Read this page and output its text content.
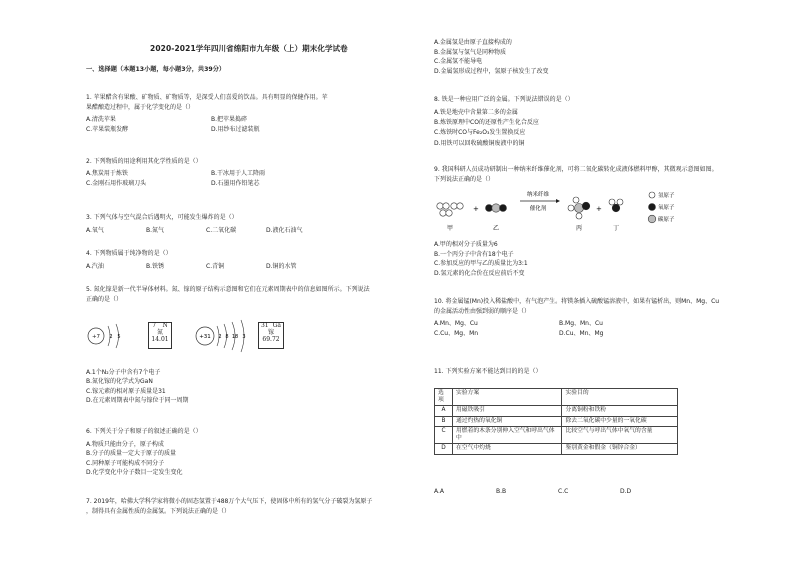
2020-2021学年四川省绵阳市九年级（上）期末化学试卷
一、选择题（本题13小题，每小题3分，共39分）
1. 苹果醋含有果酸、矿物质、矿物质等，是深受人们喜爱的饮品。具有明显的保健作用。苹
果醋酿造过程中，属于化学变化的是（）
A.清洗苹果	B.把苹果捣碎
C.苹果装瓶发酵	D.用纱布过滤装瓶
2. 下列物质的用途利用其化学性质的是（）
A.焦炭用于炼铁	B.干冰用于人工降雨
C.金刚石用作玻璃刀头	D.石墨用作铅笔芯
3. 下列气体与空气混合后遇明火，可能发生爆炸的是（）
A.氧气	B.氮气	C.二氧化碳	D.液化石油气
4. 下列物质属于纯净物的是（）
A.汽油	B.铁锈	C.青铜	D.铜的水管
5. 氮化镓是新一代半导体材料。氮、镓的原子结构示意图和它们在元素周期表中的信息如图所示。下列说法
正确的是（）
+7 2 5	+31 2 8 18 3
7 N
氮
14.01
31 Ga
镓
69.72
A.1个N₂分子中含有7个电子
B.氮化镓的化学式为GaN
C.镓元素的相对原子质量是31
D.在元素周期表中氮与镓位于同一周期
6. 下列关于分子和原子的叙述正确的是（）
A.物质只能由分子，原子构成
B.分子的质量一定大于原子的质量
C.同种原子可能构成不同分子
D.化学变化中分子数目一定发生变化
7. 2019年，哈佛大学科学家将微小的固态氢置于488万个大气压下，使固体中所有的氢气分子破裂为氢原子
，制得具有金属性质的金属氢。下列说法正确的是（）
A.金属氢是由原子直接构成的
B.金属氢与氢气是同种物质
C.金属氢不能导电
D.金属氢形成过程中，氢原子核发生了改变
8. 铁是一种应用广泛的金属。下列说法错误的是（）
A.铁是地壳中含量第二多的金属
B.炼铁原理中CO的还原性产生化合反应
C.炼铁时CO与Fe₂O₃发生置换反应
D.用铁可以回收硫酸铜废液中的铜
9. 我国科研人员成功研制出一种纳米纤维催化剂，可将二氧化碳转化成液体燃料甲醇，其微观示意图如图。
下列说法正确的是（）
+
纳米纤维
催化剂	+
甲	乙	丙	丁
氢原子
氧原子
碳原子
A.甲的相对分子质量为6
B.一个丙分子中含有18个电子
C.参加反应的甲与乙的质量比为3:1
D.氢元素的化合价在反应前后不变
10. 将金属锰(Mn)投入稀盐酸中，有气泡产生。将镁条插入硫酸锰溶液中，如果有锰析出，则Mn、Mg、Cu
的金属活动性由强到弱的顺序是（）
A.Mn、Mg、Cu	B.Mg、Mn、Cu
C.Cu、Mg、Mn	D.Cu、Mn、Mg
11. 下列实验方案不能达到目的的是（）
选项	实验方案	实验目的
A	用磁铁吸引	分离铜粉和铁粉
B	通过灼热的氧化铜	除去二氧化碳中少量的一氧化碳
C	用燃着的木条分别伸入空气和呼出气体中	比较空气与呼出气体中氧气的含量
D	在空气中灼烧	鉴别黄金和假金（铜锌合金）
A.A	B.B	C.C	D.D
